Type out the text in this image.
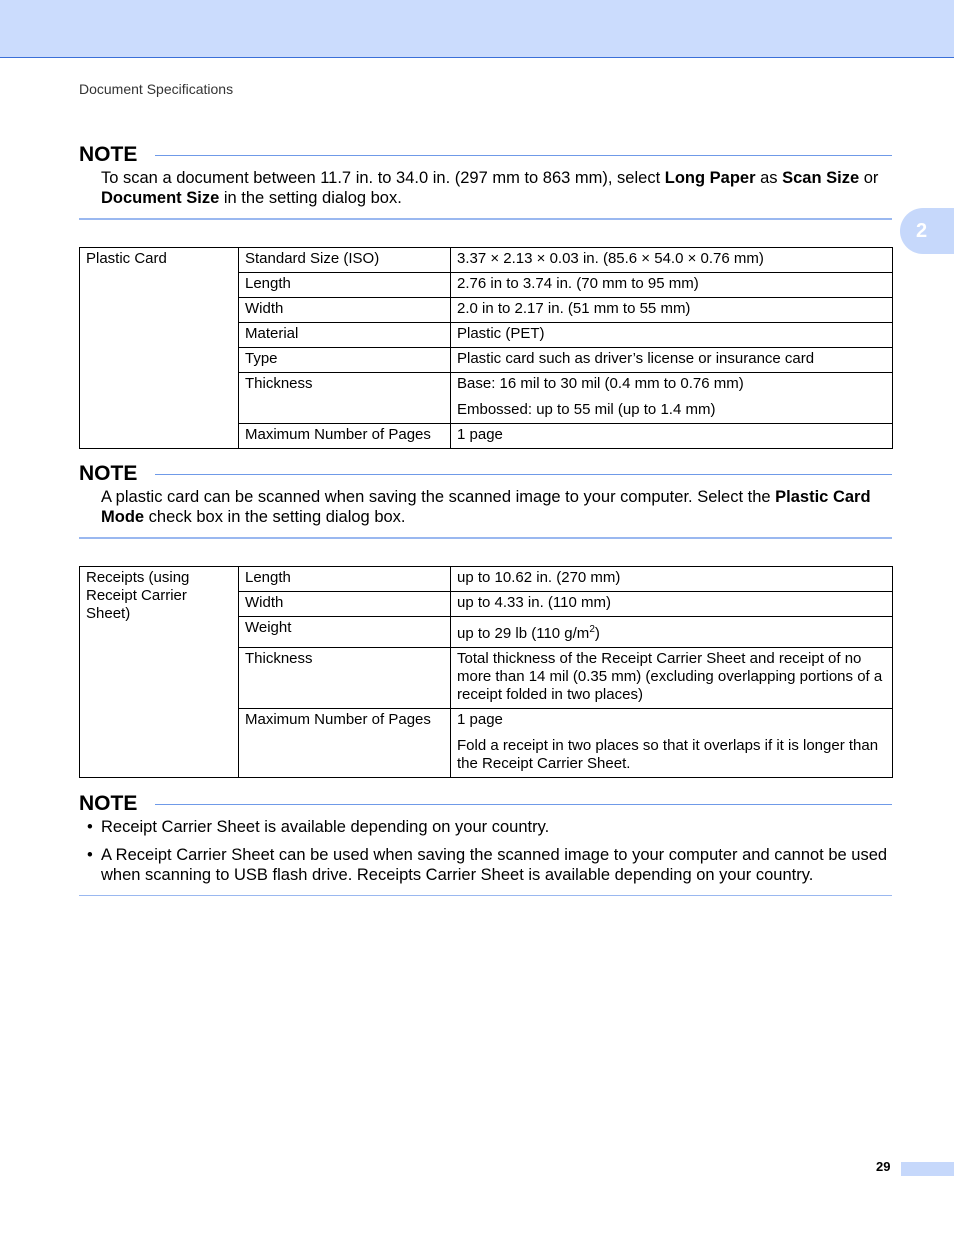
Document Specifications
2
NOTE
To scan a document between 11.7 in. to 34.0 in. (297 mm to 863 mm), select Long Paper as Scan Size or Document Size in the setting dialog box.
Plastic Card	Standard Size (ISO)	3.37 × 2.13 × 0.03 in. (85.6 × 54.0 × 0.76 mm)
	Length	2.76 in to 3.74 in. (70 mm to 95 mm)
	Width	2.0 in to 2.17 in. (51 mm to 55 mm)
	Material	Plastic (PET)
	Type	Plastic card such as driver’s license or insurance card
	Thickness	Base: 16 mil to 30 mil (0.4 mm to 0.76 mm)
Embossed: up to 55 mil (up to 1.4 mm)

	Maximum Number of Pages	1 page
NOTE
A plastic card can be scanned when saving the scanned image to your computer. Select the Plastic Card Mode check box in the setting dialog box.
Receipts (using Receipt Carrier Sheet)	Length	up to 10.62 in. (270 mm)
	Width	up to 4.33 in. (110 mm)
	Weight	up to 29 lb (110 $g/m^2$)
	Thickness	Total thickness of the Receipt Carrier Sheet and receipt of no more than 14 mil (0.35 mm) (excluding overlapping portions of a receipt folded in two places)
	Maximum Number of Pages	1 page
Fold a receipt in two places so that it overlaps if it is longer than the Receipt Carrier Sheet.
NOTE
• Receipt Carrier Sheet is available depending on your country.
• A Receipt Carrier Sheet can be used when saving the scanned image to your computer and cannot be used when scanning to USB flash drive. Receipts Carrier Sheet is available depending on your country.
29
